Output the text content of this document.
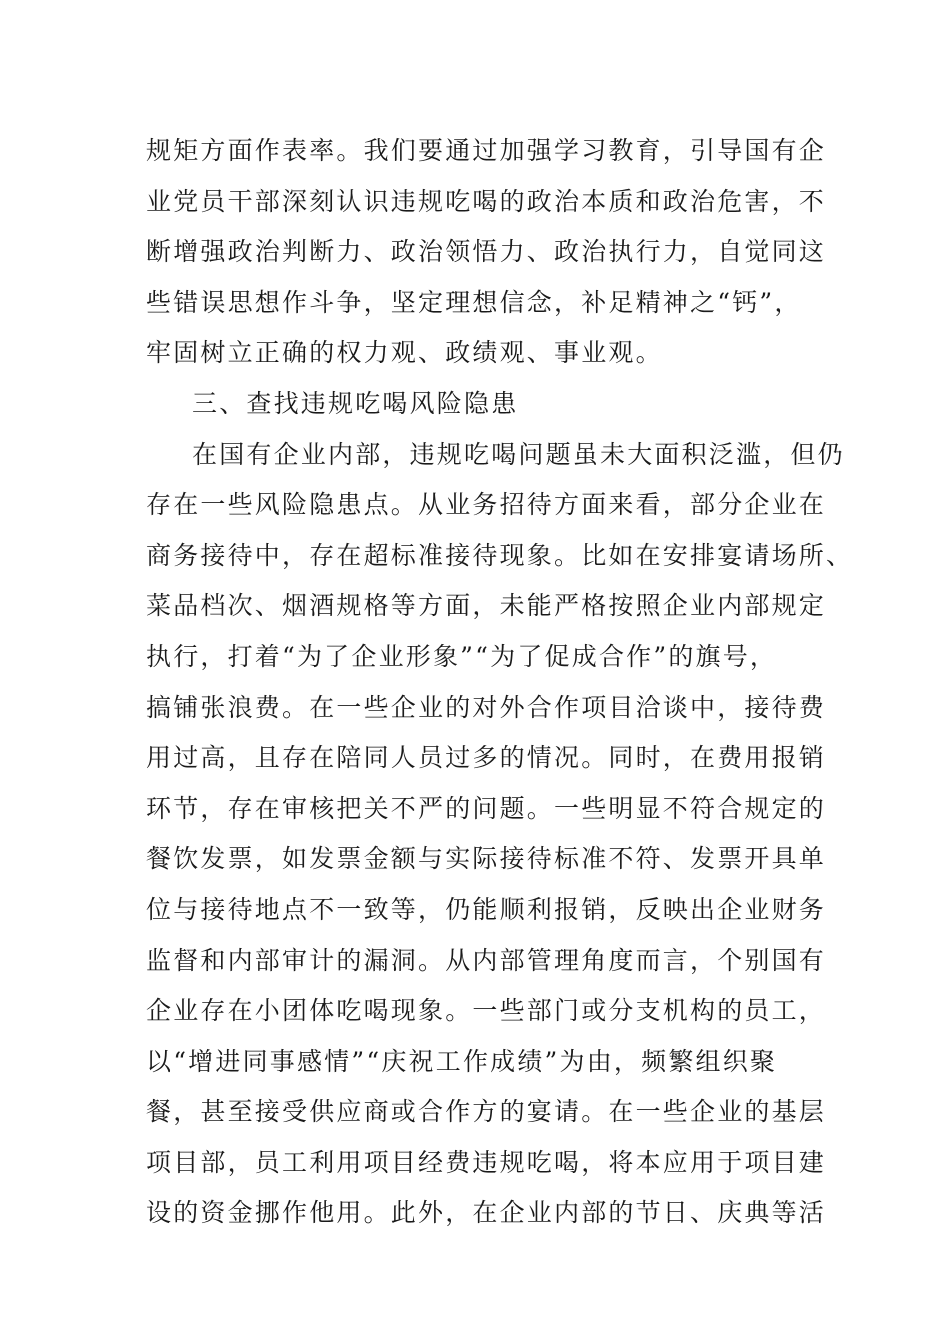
规矩方面作表率。我们要通过加强学习教育，引导国有企
业党员干部深刻认识违规吃喝的政治本质和政治危害，不
断增强政治判断力、政治领悟力、政治执行力，自觉同这
些错误思想作斗争，坚定理想信念，补足精神之“钙”，
牢固树立正确的权力观、政绩观、事业观。
三、查找违规吃喝风险隐患
在国有企业内部，违规吃喝问题虽未大面积泛滥，但仍
存在一些风险隐患点。从业务招待方面来看，部分企业在
商务接待中，存在超标准接待现象。比如在安排宴请场所、
菜品档次、烟酒规格等方面，未能严格按照企业内部规定
执行，打着“为了企业形象”“为了促成合作”的旗号，
搞铺张浪费。在一些企业的对外合作项目洽谈中，接待费
用过高，且存在陪同人员过多的情况。同时，在费用报销
环节，存在审核把关不严的问题。一些明显不符合规定的
餐饮发票，如发票金额与实际接待标准不符、发票开具单
位与接待地点不一致等，仍能顺利报销，反映出企业财务
监督和内部审计的漏洞。从内部管理角度而言，个别国有
企业存在小团体吃喝现象。一些部门或分支机构的员工，
以“增进同事感情”“庆祝工作成绩”为由，频繁组织聚
餐，甚至接受供应商或合作方的宴请。在一些企业的基层
项目部，员工利用项目经费违规吃喝，将本应用于项目建
设的资金挪作他用。此外，在企业内部的节日、庆典等活
